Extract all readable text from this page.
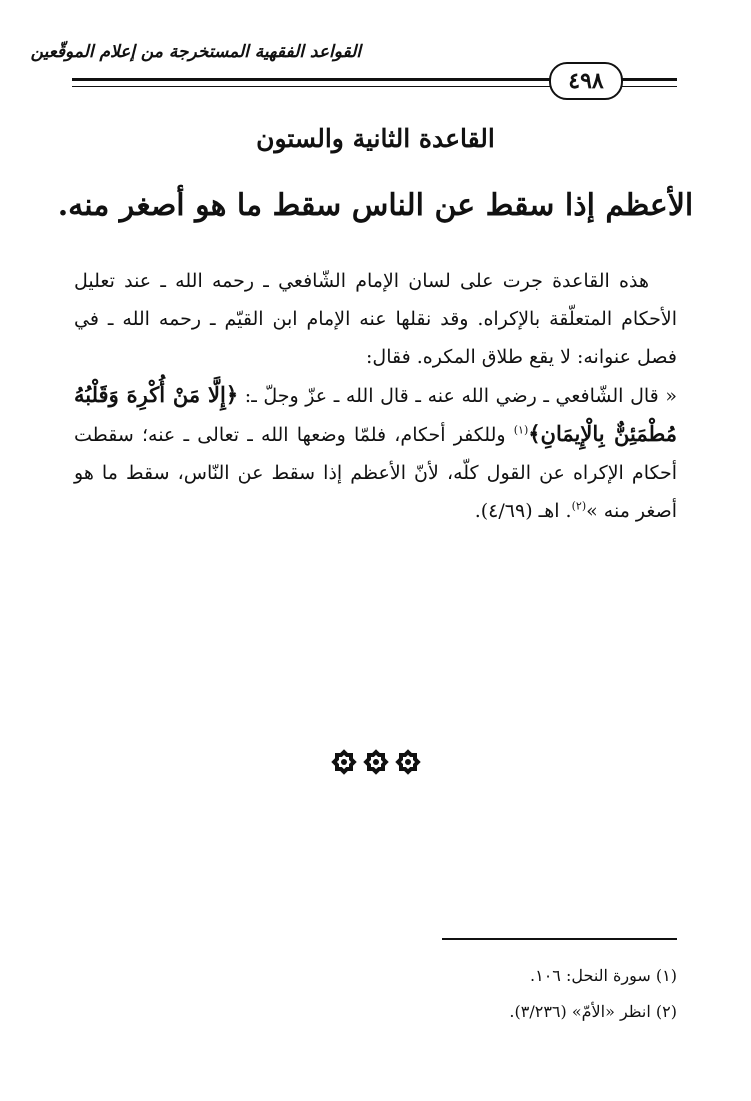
القواعد الفقهية المستخرجة من إعلام الموقّعين
٤٩٨
القاعدة الثانية والستون
الأعظم إذا سقط عن الناس سقط ما هو أصغر منه.

هذه القاعدة جرت على لسان الإمام الشّافعي ـ رحمه الله ـ عند تعليل الأحكام المتعلّقة بالإكراه. وقد نقلها عنه الإمام ابن القيّم ـ رحمه الله ـ في فصل عنوانه: لا يقع طلاق المكره. فقال:

« قال الشّافعي ـ رضي الله عنه ـ قال الله ـ عزّ وجلّ ـ: ﴿إِلَّا مَنْ أُكْرِهَ وَقَلْبُهُ مُطْمَئِنٌّ بِالْإِيمَانِ﴾$^{(١)}$ وللكفر أحكام، فلمّا وضعها الله ـ تعالى ـ عنه؛ سقطت أحكام الإكراه عن القول كلّه، لأنّ الأعظم إذا سقط عن النّاس، سقط ما هو أصغر منه »$^{(٢)}$. اهـ (٤/٦٩).

(١) سورة النحل: ١٠٦.
(٢) انظر «الأمّ» (٣/٢٣٦).
